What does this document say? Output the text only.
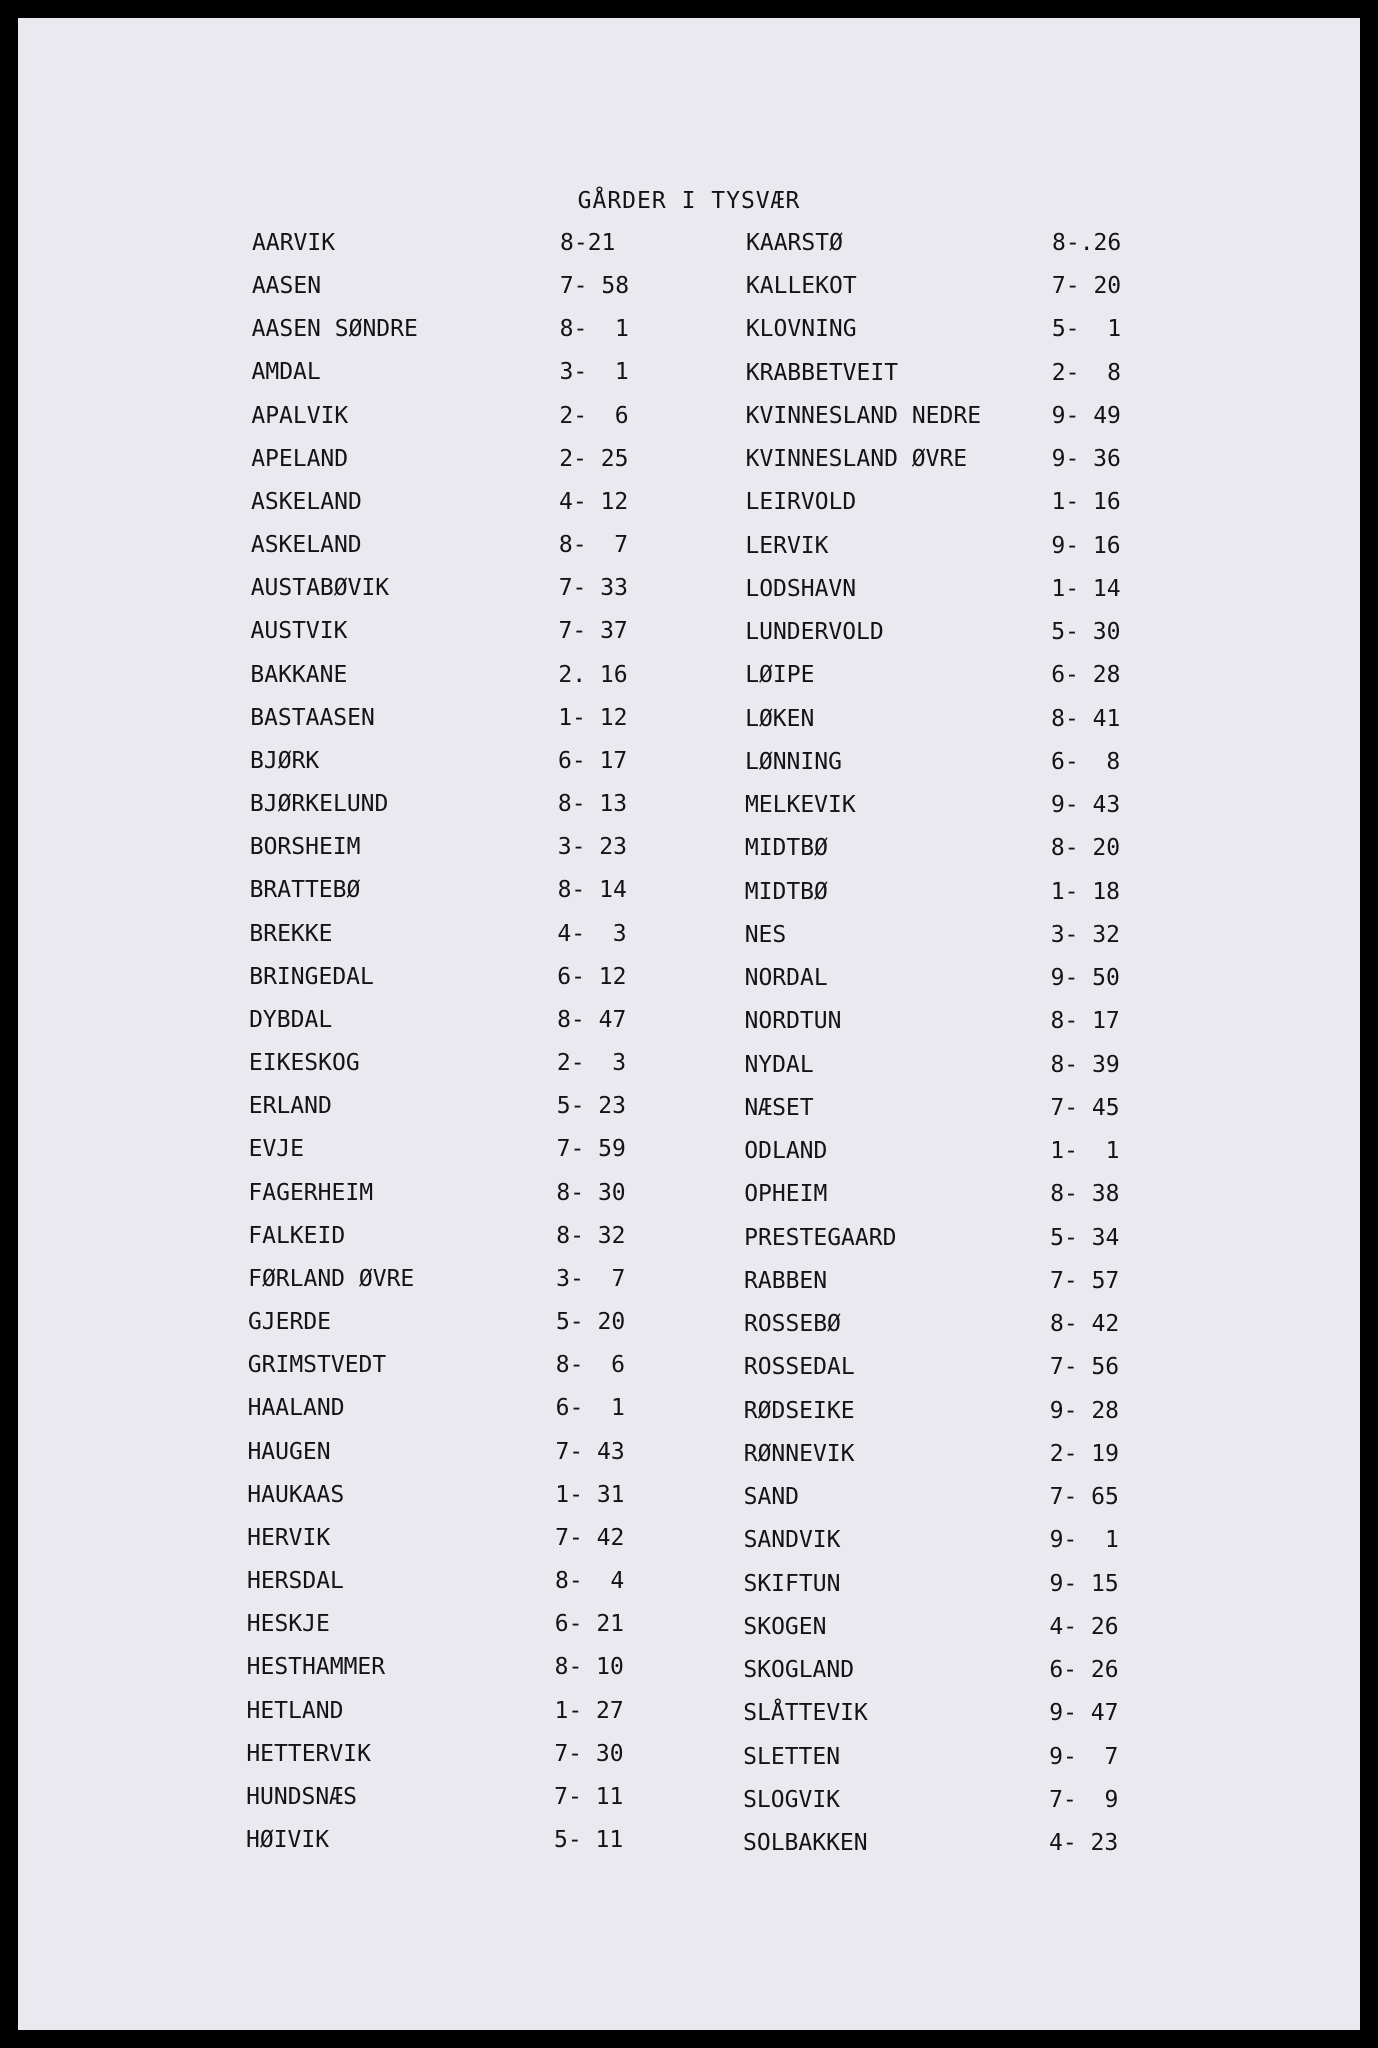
GÅRDER I TYSVÆR
AARVIK	8-21
AASEN	7- 58
AASEN SØNDRE	8-  1
AMDAL	3-  1
APALVIK	2-  6
APELAND	2- 25
ASKELAND	4- 12
ASKELAND	8-  7
AUSTABØVIK	7- 33
AUSTVIK	7- 37
BAKKANE	2. 16
BASTAASEN	1- 12
BJØRK	6- 17
BJØRKELUND	8- 13
BORSHEIM	3- 23
BRATTEBØ	8- 14
BREKKE	4-  3
BRINGEDAL	6- 12
DYBDAL	8- 47
EIKESKOG	2-  3
ERLAND	5- 23
EVJE	7- 59
FAGERHEIM	8- 30
FALKEID	8- 32
FØRLAND ØVRE	3-  7
GJERDE	5- 20
GRIMSTVEDT	8-  6
HAALAND	6-  1
HAUGEN	7- 43
HAUKAAS	1- 31
HERVIK	7- 42
HERSDAL	8-  4
HESKJE	6- 21
HESTHAMMER	8- 10
HETLAND	1- 27
HETTERVIK	7- 30
HUNDSNÆS	7- 11
HØIVIK	5- 11
KAARSTØ	8-.26
KALLEKOT	7- 20
KLOVNING	5-  1
KRABBETVEIT	2-  8
KVINNESLAND NEDRE	9- 49
KVINNESLAND ØVRE	9- 36
LEIRVOLD	1- 16
LERVIK	9- 16
LODSHAVN	1- 14
LUNDERVOLD	5- 30
LØIPE	6- 28
LØKEN	8- 41
LØNNING	6-  8
MELKEVIK	9- 43
MIDTBØ	8- 20
MIDTBØ	1- 18
NES	3- 32
NORDAL	9- 50
NORDTUN	8- 17
NYDAL	8- 39
NÆSET	7- 45
ODLAND	1-  1
OPHEIM	8- 38
PRESTEGAARD	5- 34
RABBEN	7- 57
ROSSEBØ	8- 42
ROSSEDAL	7- 56
RØDSEIKE	9- 28
RØNNEVIK	2- 19
SAND	7- 65
SANDVIK	9-  1
SKIFTUN	9- 15
SKOGEN	4- 26
SKOGLAND	6- 26
SLÅTTEVIK	9- 47
SLETTEN	9-  7
SLOGVIK	7-  9
SOLBAKKEN	4- 23
